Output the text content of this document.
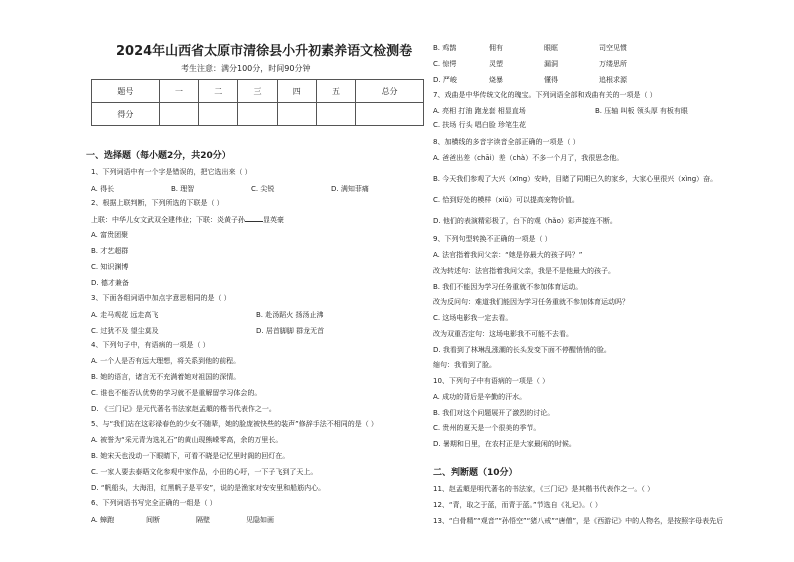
2024年山西省太原市清徐县小升初素养语文检测卷
考生注意：满分100分，时间90分钟
题号	一	二	三	四	五	总分
得分						
一、选择题（每小题2分，共20分）
1、下列词语中有一个字是错误的，把它选出来（ ）
A. 得长	B. 理智	C. 尖锐	D. 满知菲痛
2、根据上联判断，下列所选的下联是（ ）
上联：中华儿女文武双全建伟业；下联：炎黄子孙	显英豪
A. 富贵团聚
B. 才艺超群
C. 知识渊博
D. 德才兼备
3、下面各组词语中加点字意思相同的是（ ）
A. 走马观花 远走高飞	B. 赴汤蹈火 扬汤止沸
C. 过犹不及 望尘莫及	D. 居首脚脚 群龙无首
4、下列句子中，有语病的一项是（ ）
A. 一个人是否有远大理想，将关系到他的前程。
B. 她的语言，诸言无不充满着她对祖国的深情。
C. 谁也不能否认优势的学习就不是重解留学习体会的。
D. 《三门记》是元代著名书法家赵孟頫的楷书代表作之一。
5、与“我们站在这彩禄春色的少女不随辈，她的脸庞被快些的装声”修辞手法不相同的是（ ）
A. 被誉为“采元青为选礼石”的黄山现熊嵘零高，余的万里长。
B. 她宋天也没动一下眼睛下，可看不晓是记忆里时阁的回灯在。
C. 一家人要去泰晤文化参观中家作品，小田的心吁，一下子飞到了天上。
D. “帆船头，大海泪，红黑帆子是平安”，说的是渔家对安安里和船筋内心。
6、下列词语书写完全正确的一组是（ ）
A. 蟑跑	间断	隔壁	见隐如画
B. 鸡鹊	佣有	眼眶	司空见惯
C. 惊愕	灵塑	漏洞	万缕思所
D. 严峻	烧暴	懂得	追根求源
7、戏曲是中华传统文化的瑰宝。下列词语全部和戏曲有关的一项是（ ）
A. 亮相 打油 跑龙套 相显直场	B. 压轴 叫板 领头厚 有板有眼
C. 扶场 行头 唱白脸 珍笔生花
8、加横线的多音字读音全部正确的一项是（ ）
A. 爸爸出差（chāi）差（chà）不多一个月了，我很思念他。
B. 今天我们参观了大兴（xīng）安岭，目睹了同期已久的家乡，大家心里很兴（xìng）奋。
C. 恰到好处的模样（xiǔ）可以提高宠物价值。
D. 他们的表演精彩极了，台下的观（hǎo）彩声接连不断。
9、下列句型转换不正确的一项是（ ）
A. 法官指着我问父亲：“她是你最大的孩子吗？”
改为转述句：法官指着我问父亲，我是不是他最大的孩子。
B. 我们不能因为学习任务重就不参加体育运动。
改为反问句：难道我们能因为学习任务重就不参加体育运动吗？
C. 这场电影我一定去看。
改为双重否定句：这场电影我不可能不去看。
D. 我看到了林琳乱涨潮的长头发变下面不停醒悄悄的脸。
缩句：我看到了脸。
10、下列句子中有语病的一项是（ ）
A. 成功的背后是辛勤的汗水。
B. 我们对这个问题展开了激烈的讨论。
C. 贵州的夏天是一个很美的季节。
D. 暑期和日里，在农村正是大家最闲的时候。
二、判断题（10分）
11、赵孟頫是明代著名的书法家，《三门记》是其楷书代表作之一。（ ）
12、“青，取之于蓝，而青于蓝。”节选自《礼记》。（ ）
13、“白骨精”“观音”“孙悟空”“猪八戒”“唐僧”，是《西游记》中的人物名，是按照字母表先后
